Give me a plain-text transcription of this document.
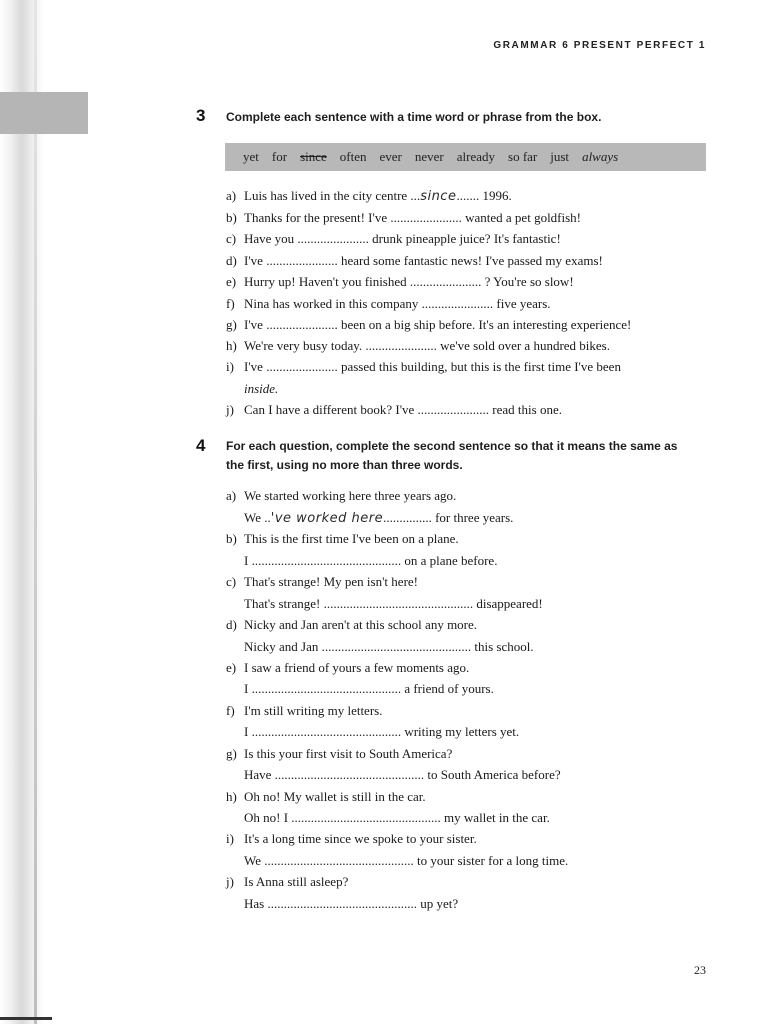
GRAMMAR 6 PRESENT PERFECT 1
3 Complete each sentence with a time word or phrase from the box.
yet for since often ever never already so far just always
a) Luis has lived in the city centre ...since....... 1996.
b) Thanks for the present! I've ...................... wanted a pet goldfish!
c) Have you ...................... drunk pineapple juice? It's fantastic!
d) I've ...................... heard some fantastic news! I've passed my exams!
e) Hurry up! Haven't you finished ...................... ? You're so slow!
f) Nina has worked in this company ...................... five years.
g) I've ...................... been on a big ship before. It's an interesting experience!
h) We're very busy today. ...................... we've sold over a hundred bikes.
i) I've ...................... passed this building, but this is the first time I've been
inside.
j) Can I have a different book? I've ...................... read this one.
4 For each question, complete the second sentence so that it means the same as
the first, using no more than three words.
a) We started working here three years ago.
We ..'ve worked here............... for three years.
b) This is the first time I've been on a plane.
I .............................................. on a plane before.
c) That's strange! My pen isn't here!
That's strange! .............................................. disappeared!
d) Nicky and Jan aren't at this school any more.
Nicky and Jan .............................................. this school.
e) I saw a friend of yours a few moments ago.
I .............................................. a friend of yours.
f) I'm still writing my letters.
I .............................................. writing my letters yet.
g) Is this your first visit to South America?
Have .............................................. to South America before?
h) Oh no! My wallet is still in the car.
Oh no! I .............................................. my wallet in the car.
i) It's a long time since we spoke to your sister.
We .............................................. to your sister for a long time.
j) Is Anna still asleep?
Has .............................................. up yet?
23
